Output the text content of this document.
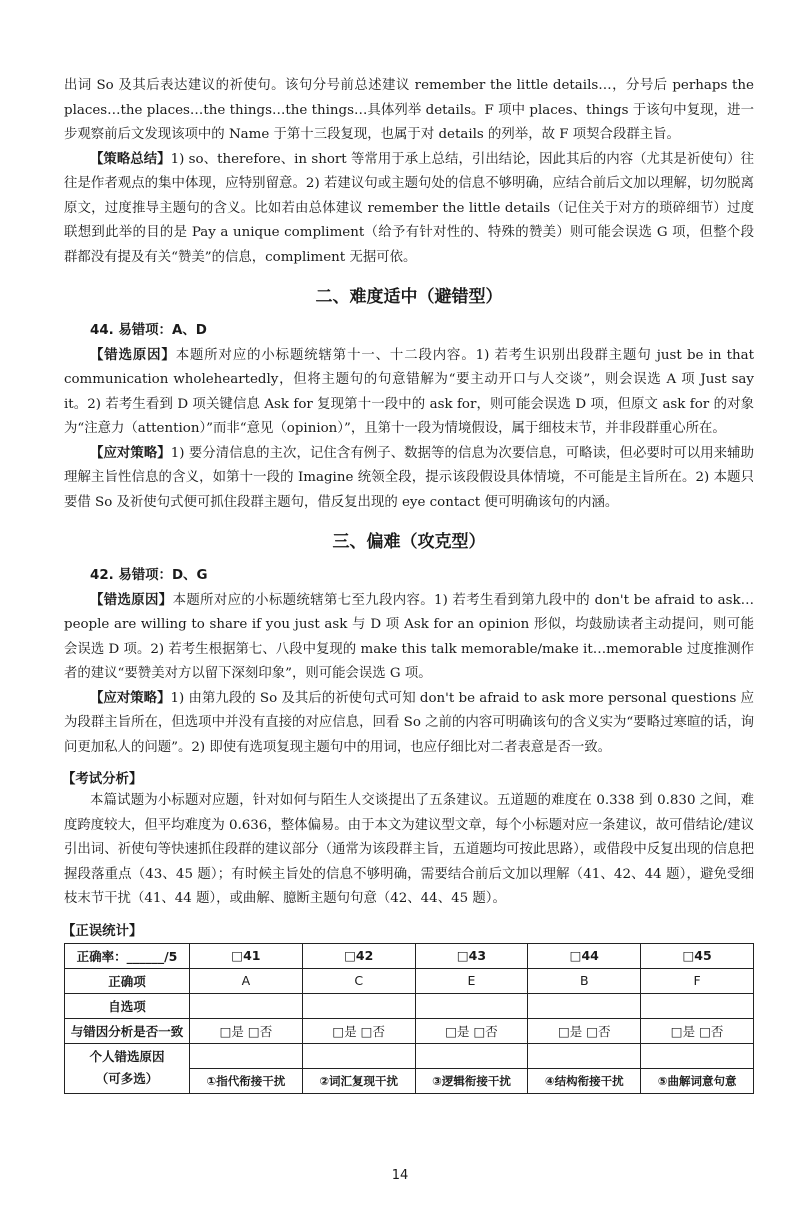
出词 So 及其后表达建议的祈使句。该句分号前总述建议 remember the little details…，分号后 perhaps the places…the places…the things…the things…具体列举 details。F 项中 places、things 于该句中复现，进一步观察前后文发现该项中的 Name 于第十三段复现，也属于对 details 的列举，故 F 项契合段群主旨。

【策略总结】1) so、therefore、in short 等常用于承上总结，引出结论，因此其后的内容（尤其是祈使句）往往是作者观点的集中体现，应特别留意。2) 若建议句或主题句处的信息不够明确，应结合前后文加以理解，切勿脱离原文，过度推导主题句的含义。比如若由总体建议 remember the little details（记住关于对方的琐碎细节）过度联想到此举的目的是 Pay a unique compliment（给予有针对性的、特殊的赞美）则可能会误选 G 项，但整个段群都没有提及有关“赞美”的信息，compliment 无据可依。

二、难度适中（避错型）

44. 易错项：A、D

【错选原因】本题所对应的小标题统辖第十一、十二段内容。1) 若考生识别出段群主题句 just be in that communication wholeheartedly，但将主题句的句意错解为“要主动开口与人交谈”，则会误选 A 项 Just say it。2) 若考生看到 D 项关键信息 Ask for 复现第十一段中的 ask for，则可能会误选 D 项，但原文 ask for 的对象为“注意力（attention）”而非“意见（opinion）”，且第十一段为情境假设，属于细枝末节，并非段群重心所在。

【应对策略】1) 要分清信息的主次，记住含有例子、数据等的信息为次要信息，可略读，但必要时可以用来辅助理解主旨性信息的含义，如第十一段的 Imagine 统领全段，提示该段假设具体情境，不可能是主旨所在。2) 本题只要借 So 及祈使句式便可抓住段群主题句，借反复出现的 eye contact 便可明确该句的内涵。

三、偏难（攻克型）

42. 易错项：D、G

【错选原因】本题所对应的小标题统辖第七至九段内容。1) 若考生看到第九段中的 don't be afraid to ask…people are willing to share if you just ask 与 D 项 Ask for an opinion 形似，均鼓励读者主动提问，则可能会误选 D 项。2) 若考生根据第七、八段中复现的 make this talk memorable/make it…memorable 过度推测作者的建议“要赞美对方以留下深刻印象”，则可能会误选 G 项。

【应对策略】1) 由第九段的 So 及其后的祈使句式可知 don't be afraid to ask more personal questions 应为段群主旨所在，但选项中并没有直接的对应信息，回看 So 之前的内容可明确该句的含义实为“要略过寒暄的话，询问更加私人的问题”。2) 即使有选项复现主题句中的用词，也应仔细比对二者表意是否一致。

【考试分析】

本篇试题为小标题对应题，针对如何与陌生人交谈提出了五条建议。五道题的难度在 0.338 到 0.830 之间，难度跨度较大，但平均难度为 0.636，整体偏易。由于本文为建议型文章，每个小标题对应一条建议，故可借结论/建议引出词、祈使句等快速抓住段群的建议部分（通常为该段群主旨，五道题均可按此思路），或借段中反复出现的信息把握段落重点（43、45 题）；有时候主旨处的信息不够明确，需要结合前后文加以理解（41、42、44 题），避免受细枝末节干扰（41、44 题），或曲解、臆断主题句句意（42、44、45 题）。

【正误统计】
正确率：______/5	□41	□42	□43	□44	□45
正确项	A	C	E	B	F
自选项					
与错因分析是否一致	□是 □否	□是 □否	□是 □否	□是 □否	□是 □否

个人错选原因
（可多选）					

	①指代衔接干扰	②词汇复现干扰	③逻辑衔接干扰	④结构衔接干扰	⑤曲解词意句意
14
